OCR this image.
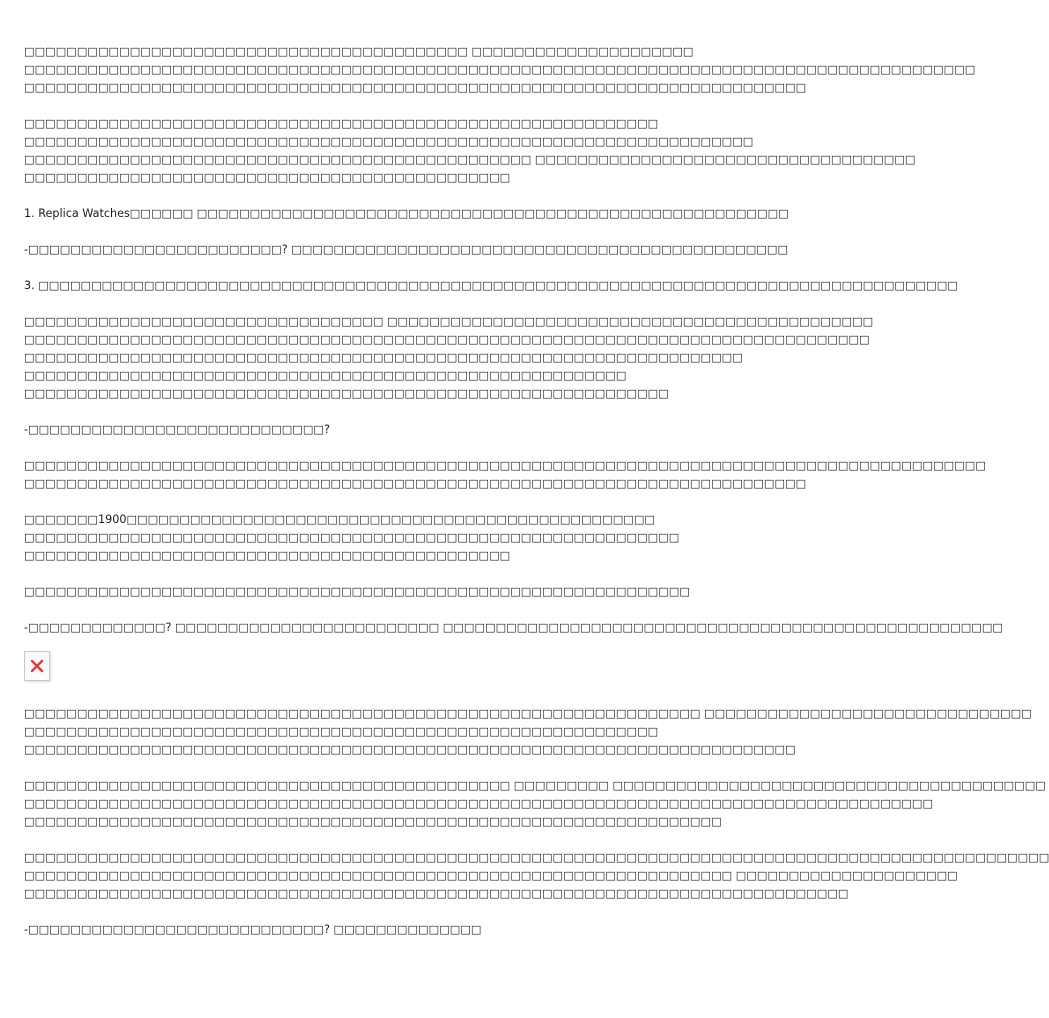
□□□□□□□□□□□□□□□□□□□□□□□□□□□□□□□□□□□□□□□□□□ □□□□□□□□□□□□□□□□□□□□□
□□□□□□□□□□□□□□□□□□□□□□□□□□□□□□□□□□□□□□□□□□□□□□□□□□□□□□□□□□□□□□□□□□□□□□□□□□□□□□□□□□□□□□□□□□
□□□□□□□□□□□□□□□□□□□□□□□□□□□□□□□□□□□□□□□□□□□□□□□□□□□□□□□□□□□□□□□□□□□□□□□□□□
□□□□□□□□□□□□□□□□□□□□□□□□□□□□□□□□□□□□□□□□□□□□□□□□□□□□□□□□□□□□
□□□□□□□□□□□□□□□□□□□□□□□□□□□□□□□□□□□□□□□□□□□□□□□□□□□□□□□□□□□□□□□□□□□□□
□□□□□□□□□□□□□□□□□□□□□□□□□□□□□□□□□□□□□□□□□□□□□□□□ □□□□□□□□□□□□□□□□□□□□□□□□□□□□□□□□□□□□
□□□□□□□□□□□□□□□□□□□□□□□□□□□□□□□□□□□□□□□□□□□□□□
1. Replica Watches□□□□□□ □□□□□□□□□□□□□□□□□□□□□□□□□□□□□□□□□□□□□□□□□□□□□□□□□□□□□□□□
-□□□□□□□□□□□□□□□□□□□□□□□□? □□□□□□□□□□□□□□□□□□□□□□□□□□□□□□□□□□□□□□□□□□□□□□□
3. □□□□□□□□□□□□□□□□□□□□□□□□□□□□□□□□□□□□□□□□□□□□□□□□□□□□□□□□□□□□□□□□□□□□□□□□□□□□□□□□□□□□□□□
□□□□□□□□□□□□□□□□□□□□□□□□□□□□□□□□□□ □□□□□□□□□□□□□□□□□□□□□□□□□□□□□□□□□□□□□□□□□□□□□□
□□□□□□□□□□□□□□□□□□□□□□□□□□□□□□□□□□□□□□□□□□□□□□□□□□□□□□□□□□□□□□□□□□□□□□□□□□□□□□□□
□□□□□□□□□□□□□□□□□□□□□□□□□□□□□□□□□□□□□□□□□□□□□□□□□□□□□□□□□□□□□□□□□□□□
□□□□□□□□□□□□□□□□□□□□□□□□□□□□□□□□□□□□□□□□□□□□□□□□□□□□□□□□□
□□□□□□□□□□□□□□□□□□□□□□□□□□□□□□□□□□□□□□□□□□□□□□□□□□□□□□□□□□□□□
-□□□□□□□□□□□□□□□□□□□□□□□□□□□□?
□□□□□□□□□□□□□□□□□□□□□□□□□□□□□□□□□□□□□□□□□□□□□□□□□□□□□□□□□□□□□□□□□□□□□□□□□□□□□□□□□□□□□□□□□□□
□□□□□□□□□□□□□□□□□□□□□□□□□□□□□□□□□□□□□□□□□□□□□□□□□□□□□□□□□□□□□□□□□□□□□□□□□□
□□□□□□□1900□□□□□□□□□□□□□□□□□□□□□□□□□□□□□□□□□□□□□□□□□□□□□□□□□□
□□□□□□□□□□□□□□□□□□□□□□□□□□□□□□□□□□□□□□□□□□□□□□□□□□□□□□□□□□□□□□
□□□□□□□□□□□□□□□□□□□□□□□□□□□□□□□□□□□□□□□□□□□□□□
□□□□□□□□□□□□□□□□□□□□□□□□□□□□□□□□□□□□□□□□□□□□□□□□□□□□□□□□□□□□□□□
-□□□□□□□□□□□□□? □□□□□□□□□□□□□□□□□□□□□□□□□ □□□□□□□□□□□□□□□□□□□□□□□□□□□□□□□□□□□□□□□□□□□□□□□□□□□□□
□□□□□□□□□□□□□□□□□□□□□□□□□□□□□□□□□□□□□□□□□□□□□□□□□□□□□□□□□□□□□□□□ □□□□□□□□□□□□□□□□□□□□□□□□□□□□□□□
□□□□□□□□□□□□□□□□□□□□□□□□□□□□□□□□□□□□□□□□□□□□□□□□□□□□□□□□□□□□
□□□□□□□□□□□□□□□□□□□□□□□□□□□□□□□□□□□□□□□□□□□□□□□□□□□□□□□□□□□□□□□□□□□□□□□□□
□□□□□□□□□□□□□□□□□□□□□□□□□□□□□□□□□□□□□□□□□□□□□□ □□□□□□□□□ □□□□□□□□□□□□□□□□□□□□□□□□□□□□□□□□□□□□□□□□□
□□□□□□□□□□□□□□□□□□□□□□□□□□□□□□□□□□□□□□□□□□□□□□□□□□□□□□□□□□□□□□□□□□□□□□□□□□□□□□□□□□□□□□
□□□□□□□□□□□□□□□□□□□□□□□□□□□□□□□□□□□□□□□□□□□□□□□□□□□□□□□□□□□□□□□□□□
□□□□□□□□□□□□□□□□□□□□□□□□□□□□□□□□□□□□□□□□□□□□□□□□□□□□□□□□□□□□□□□□□□□□□□□□□□□□□□□□□□□□□□□□□□□□□□□□□
□□□□□□□□□□□□□□□□□□□□□□□□□□□□□□□□□□□□□□□□□□□□□□□□□□□□□□□□□□□□□□□□□□□ □□□□□□□□□□□□□□□□□□□□□
□□□□□□□□□□□□□□□□□□□□□□□□□□□□□□□□□□□□□□□□□□□□□□□□□□□□□□□□□□□□□□□□□□□□□□□□□□□□□□
-□□□□□□□□□□□□□□□□□□□□□□□□□□□□? □□□□□□□□□□□□□□
